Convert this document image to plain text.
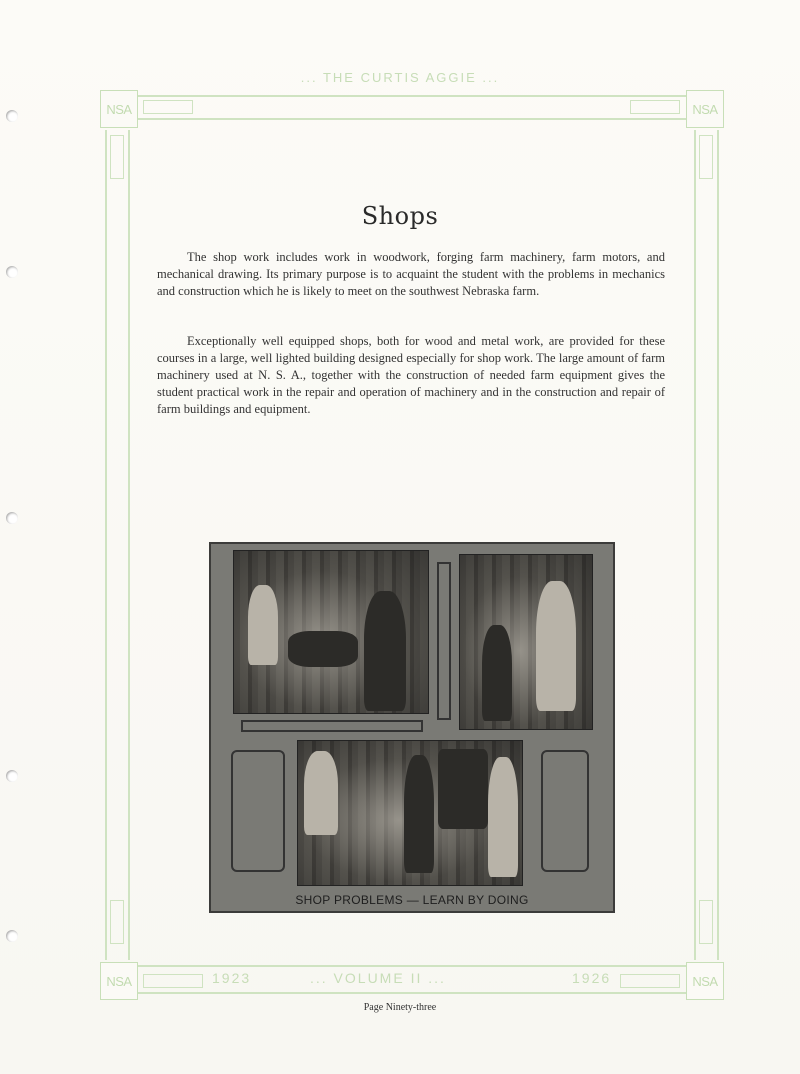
NSA	NSA
NSA	NSA
... THE CURTIS AGGIE ...
Shops
The shop work includes work in woodwork, forging farm machinery, farm motors, and mechanical drawing. Its primary purpose is to acquaint the student with the problems in mechanics and construction which he is likely to meet on the southwest Nebraska farm.
Exceptionally well equipped shops, both for wood and metal work, are provided for these courses in a large, well lighted building designed especially for shop work. The large amount of farm machinery used at N. S. A., together with the construction of needed farm equipment gives the student practical work in the repair and operation of machinery and in the construction and repair of farm buildings and equipment.
SHOP PROBLEMS — LEARN BY DOING
1923	... VOLUME II ...	1926
Page Ninety-three
